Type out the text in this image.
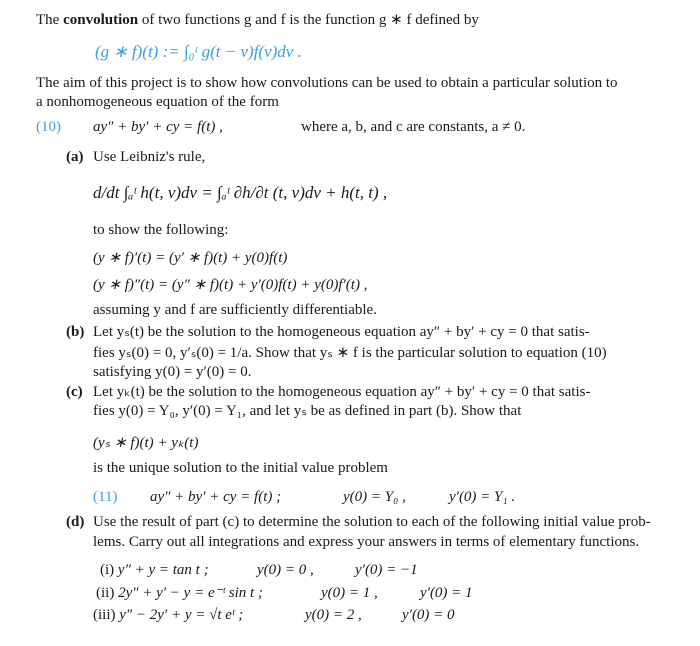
The convolution of two functions g and f is the function g ∗ f defined by
(g ∗ f)(t) := ∫₀ᵗ g(t − v)f(v)dv .
The aim of this project is to show how convolutions can be used to obtain a particular solution to
a nonhomogeneous equation of the form
(10) ay″ + by′ + cy = f(t) ,	where a, b, and c are constants, a ≠ 0.
(a) Use Leibniz's rule,
d/dt ∫ₐᵗ h(t, v)dv = ∫ₐᵗ ∂h/∂t (t, v)dv + h(t, t) ,
to show the following:
(y ∗ f)′(t) = (y′ ∗ f)(t) + y(0)f(t)
(y ∗ f)″(t) = (y″ ∗ f)(t) + y′(0)f(t) + y(0)f′(t) ,
assuming y and f are sufficiently differentiable.
(b) Let yₛ(t) be the solution to the homogeneous equation ay″ + by′ + cy = 0 that satis-
fies yₛ(0) = 0, y′ₛ(0) = 1/a. Show that yₛ ∗ f is the particular solution to equation (10)
satisfying y(0) = y′(0) = 0.
(c) Let yₖ(t) be the solution to the homogeneous equation ay″ + by′ + cy = 0 that satis-
fies y(0) = Y₀, y′(0) = Y₁, and let yₛ be as defined in part (b). Show that
(yₛ ∗ f)(t) + yₖ(t)
is the unique solution to the initial value problem
(11) ay″ + by′ + cy = f(t) ;	y(0) = Y₀ ,	y′(0) = Y₁ .
(d) Use the result of part (c) to determine the solution to each of the following initial value prob-
lems. Carry out all integrations and express your answers in terms of elementary functions.
(i) y″ + y = tan t ;	y(0) = 0 ,	y′(0) = −1
(ii) 2y″ + y′ − y = e⁻ᵗ sin t ;	y(0) = 1 ,	y′(0) = 1
(iii) y″ − 2y′ + y = √t eᵗ ;	y(0) = 2 ,	y′(0) = 0
